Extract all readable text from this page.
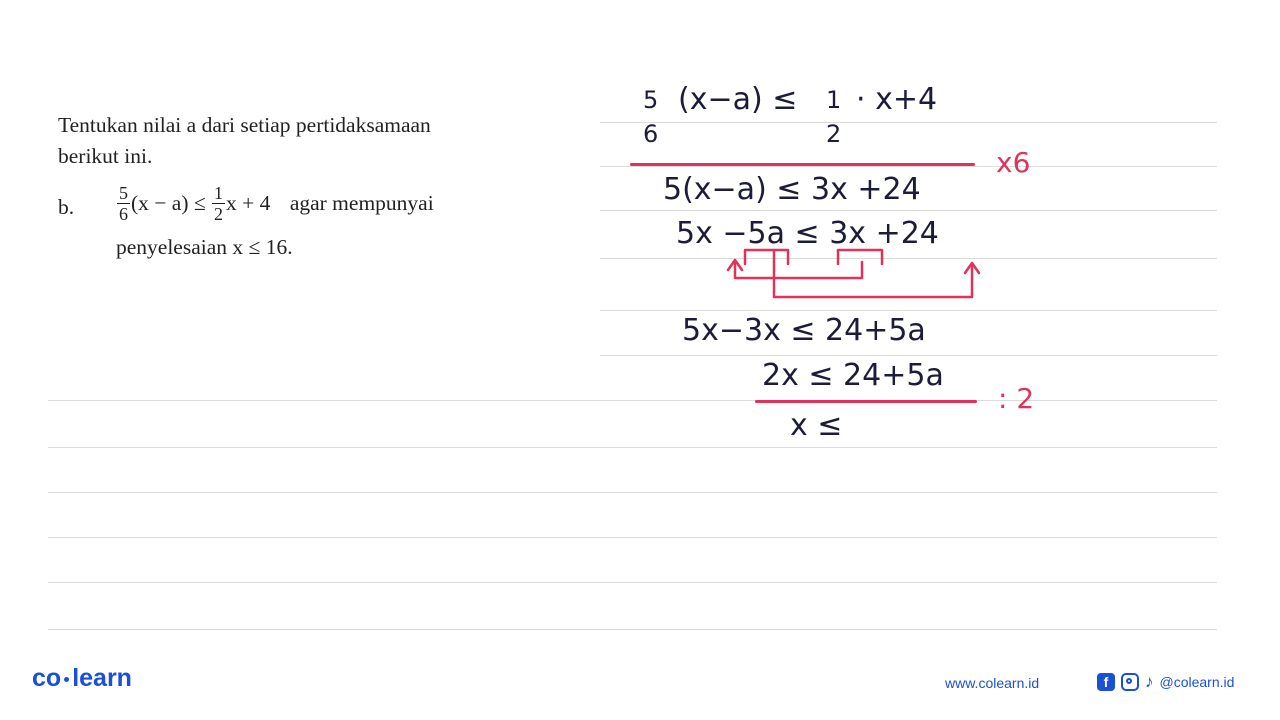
Tentukan nilai a dari setiap pertidaksamaan
berikut ini.
b. $\frac{5}{6} (x - a) \le \frac{1}{2}$ x + 4 agar mempunyai
penyelesaian x ≤ 16.
5
6
(x−a) ≤ 1
2
· x+4
x6
5(x−a) ≤ 3x +24
5x −5a ≤ 3x +24
5x−3x ≤ 24+5a
2x ≤ 24+5a
: 2
x ≤
co learn	www.colearn.id	f	♪ @colearn.id
